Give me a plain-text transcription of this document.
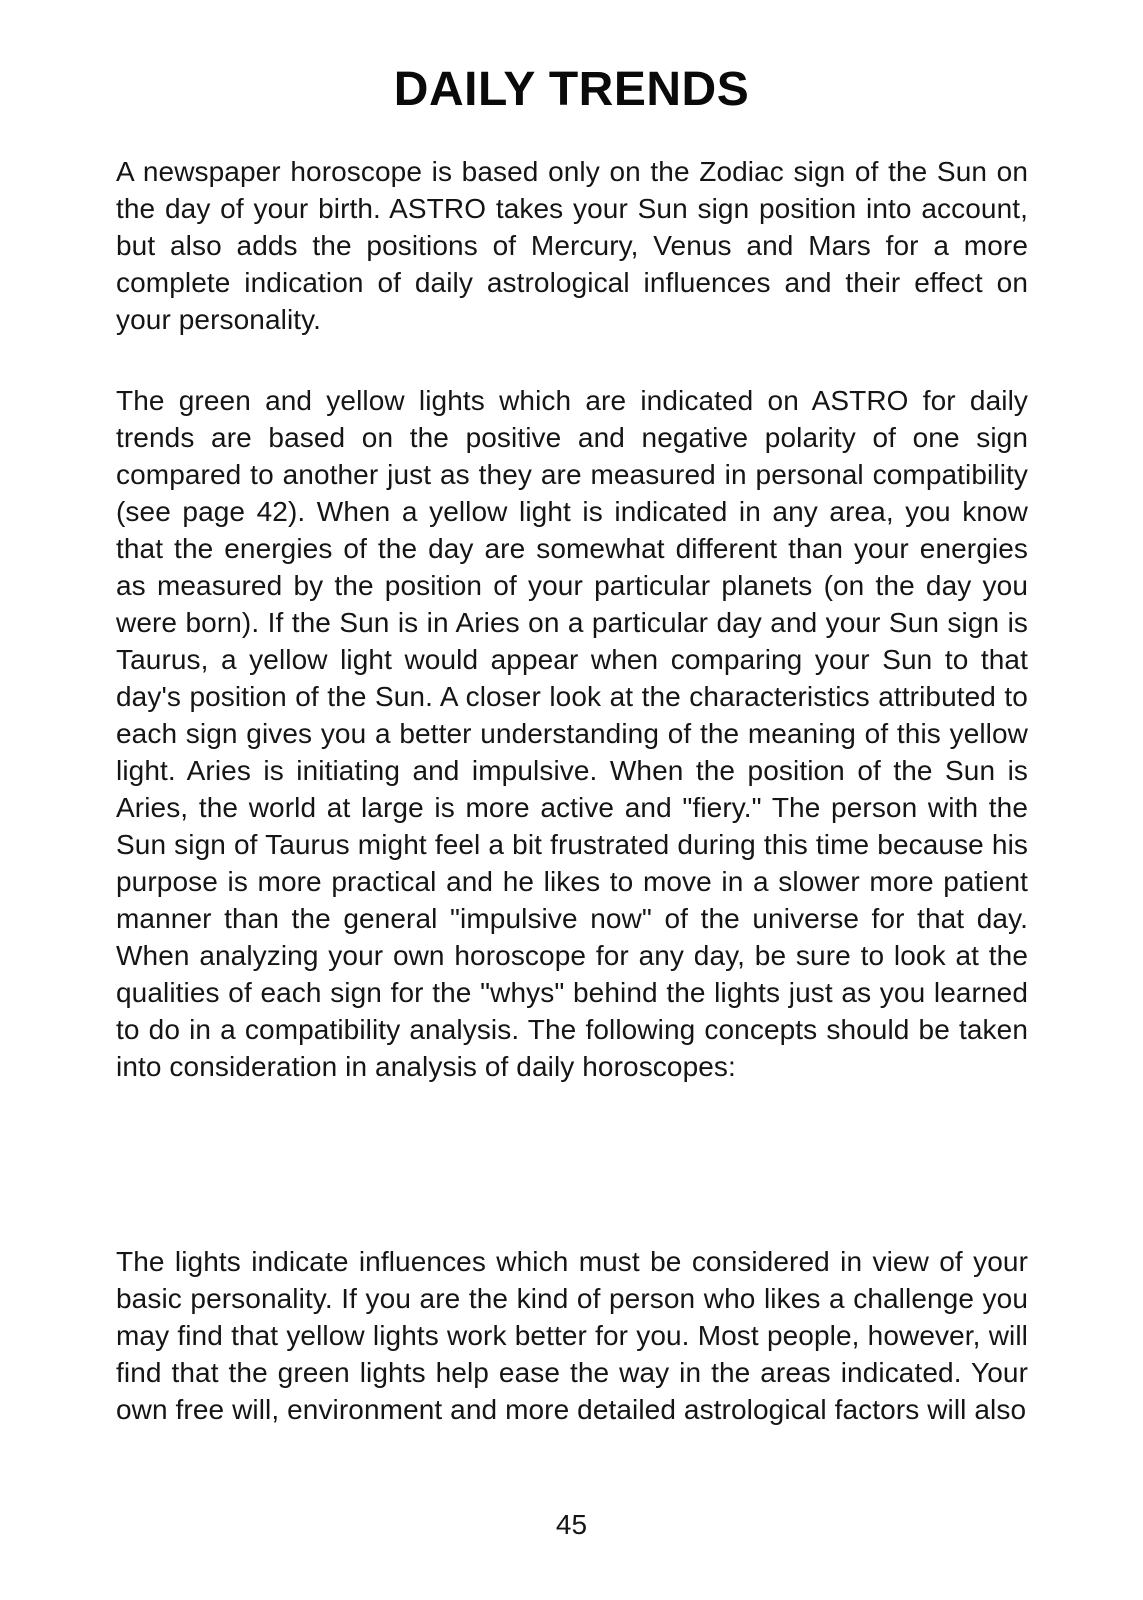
DAILY TRENDS
A newspaper horoscope is based only on the Zodiac sign of the Sun on the day of your birth. ASTRO takes your Sun sign position into account, but also adds the positions of Mercury, Venus and Mars for a more complete indication of daily astrological influences and their effect on your personality.
The green and yellow lights which are indicated on ASTRO for daily trends are based on the positive and negative polarity of one sign compared to another just as they are measured in personal compatibility (see page 42). When a yellow light is indicated in any area, you know that the energies of the day are somewhat different than your energies as measured by the position of your particular planets (on the day you were born). If the Sun is in Aries on a particular day and your Sun sign is Taurus, a yellow light would appear when comparing your Sun to that day's position of the Sun. A closer look at the characteristics attributed to each sign gives you a better understanding of the meaning of this yellow light. Aries is initiating and impulsive. When the position of the Sun is Aries, the world at large is more active and "fiery." The person with the Sun sign of Taurus might feel a bit frustrated during this time because his purpose is more practical and he likes to move in a slower more patient manner than the general "impulsive now" of the universe for that day. When analyzing your own horoscope for any day, be sure to look at the qualities of each sign for the "whys" behind the lights just as you learned to do in a compatibility analysis. The following concepts should be taken into consideration in analysis of daily horoscopes:
The lights indicate influences which must be considered in view of your basic personality. If you are the kind of person who likes a challenge you may find that yellow lights work better for you. Most people, however, will find that the green lights help ease the way in the areas indicated. Your own free will, environment and more detailed astrological factors will also
45
